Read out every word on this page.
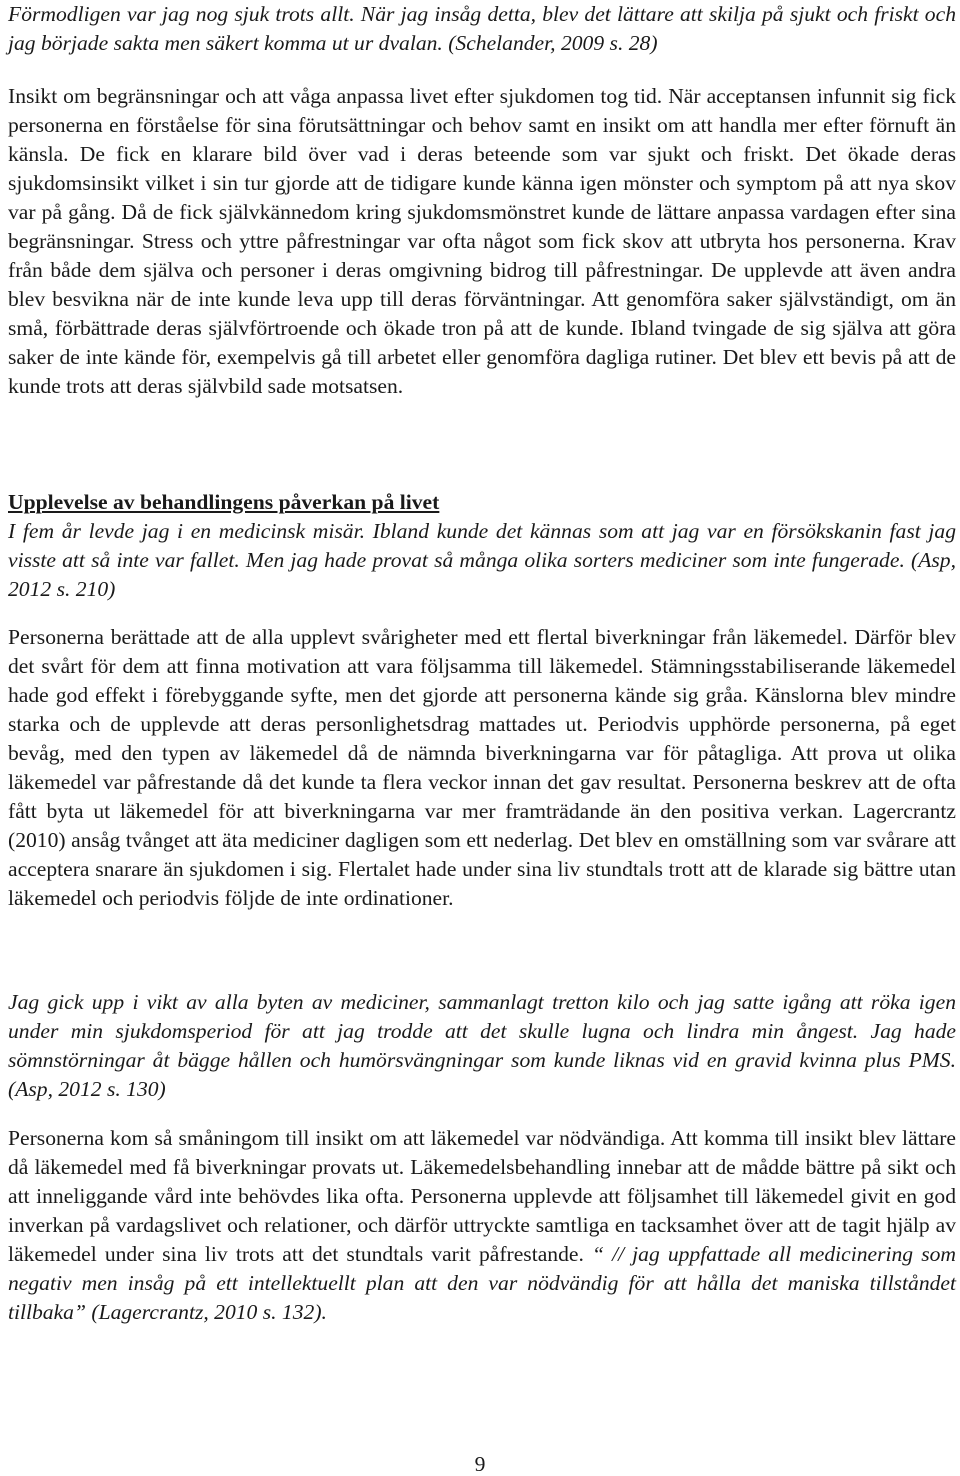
Förmodligen var jag nog sjuk trots allt. När jag insåg detta, blev det lättare att skilja på sjukt och friskt och jag började sakta men säkert komma ut ur dvalan. (Schelander, 2009 s. 28)

Insikt om begränsningar och att våga anpassa livet efter sjukdomen tog tid. När acceptansen infunnit sig fick personerna en förståelse för sina förutsättningar och behov samt en insikt om att handla mer efter förnuft än känsla. De fick en klarare bild över vad i deras beteende som var sjukt och friskt. Det ökade deras sjukdomsinsikt vilket i sin tur gjorde att de tidigare kunde känna igen mönster och symptom på att nya skov var på gång. Då de fick självkännedom kring sjukdomsmönstret kunde de lättare anpassa vardagen efter sina begränsningar. Stress och yttre påfrestningar var ofta något som fick skov att utbryta hos personerna. Krav från både dem själva och personer i deras omgivning bidrog till påfrestningar. De upplevde att även andra blev besvikna när de inte kunde leva upp till deras förväntningar. Att genomföra saker självständigt, om än små, förbättrade deras självförtroende och ökade tron på att de kunde. Ibland tvingade de sig själva att göra saker de inte kände för, exempelvis gå till arbetet eller genomföra dagliga rutiner. Det blev ett bevis på att de kunde trots att deras självbild sade motsatsen.

Upplevelse av behandlingens påverkan på livet

I fem år levde jag i en medicinsk misär. Ibland kunde det kännas som att jag var en försökskanin fast jag visste att så inte var fallet. Men jag hade provat så många olika sorters mediciner som inte fungerade. (Asp, 2012 s. 210)

Personerna berättade att de alla upplevt svårigheter med ett flertal biverkningar från läkemedel. Därför blev det svårt för dem att finna motivation att vara följsamma till läkemedel. Stämningsstabiliserande läkemedel hade god effekt i förebyggande syfte, men det gjorde att personerna kände sig gråa. Känslorna blev mindre starka och de upplevde att deras personlighetsdrag mattades ut. Periodvis upphörde personerna, på eget bevåg, med den typen av läkemedel då de nämnda biverkningarna var för påtagliga. Att prova ut olika läkemedel var påfrestande då det kunde ta flera veckor innan det gav resultat. Personerna beskrev att de ofta fått byta ut läkemedel för att biverkningarna var mer framträdande än den positiva verkan. Lagercrantz (2010) ansåg tvånget att äta mediciner dagligen som ett nederlag. Det blev en omställning som var svårare att acceptera snarare än sjukdomen i sig. Flertalet hade under sina liv stundtals trott att de klarade sig bättre utan läkemedel och periodvis följde de inte ordinationer.

Jag gick upp i vikt av alla byten av mediciner, sammanlagt tretton kilo och jag satte igång att röka igen under min sjukdomsperiod för att jag trodde att det skulle lugna och lindra min ångest. Jag hade sömnstörningar åt bägge hållen och humörsvängningar som kunde liknas vid en gravid kvinna plus PMS. (Asp, 2012 s. 130)

Personerna kom så småningom till insikt om att läkemedel var nödvändiga. Att komma till insikt blev lättare då läkemedel med få biverkningar provats ut. Läkemedelsbehandling innebar att de mådde bättre på sikt och att inneliggande vård inte behövdes lika ofta. Personerna upplevde att följsamhet till läkemedel givit en god inverkan på vardagslivet och relationer, och därför uttryckte samtliga en tacksamhet över att de tagit hjälp av läkemedel under sina liv trots att det stundtals varit påfrestande. “ // jag uppfattade all medicinering som negativ men insåg på ett intellektuellt plan att den var nödvändig för att hålla det maniska tillståndet tillbaka” (Lagercrantz, 2010 s. 132).

9
